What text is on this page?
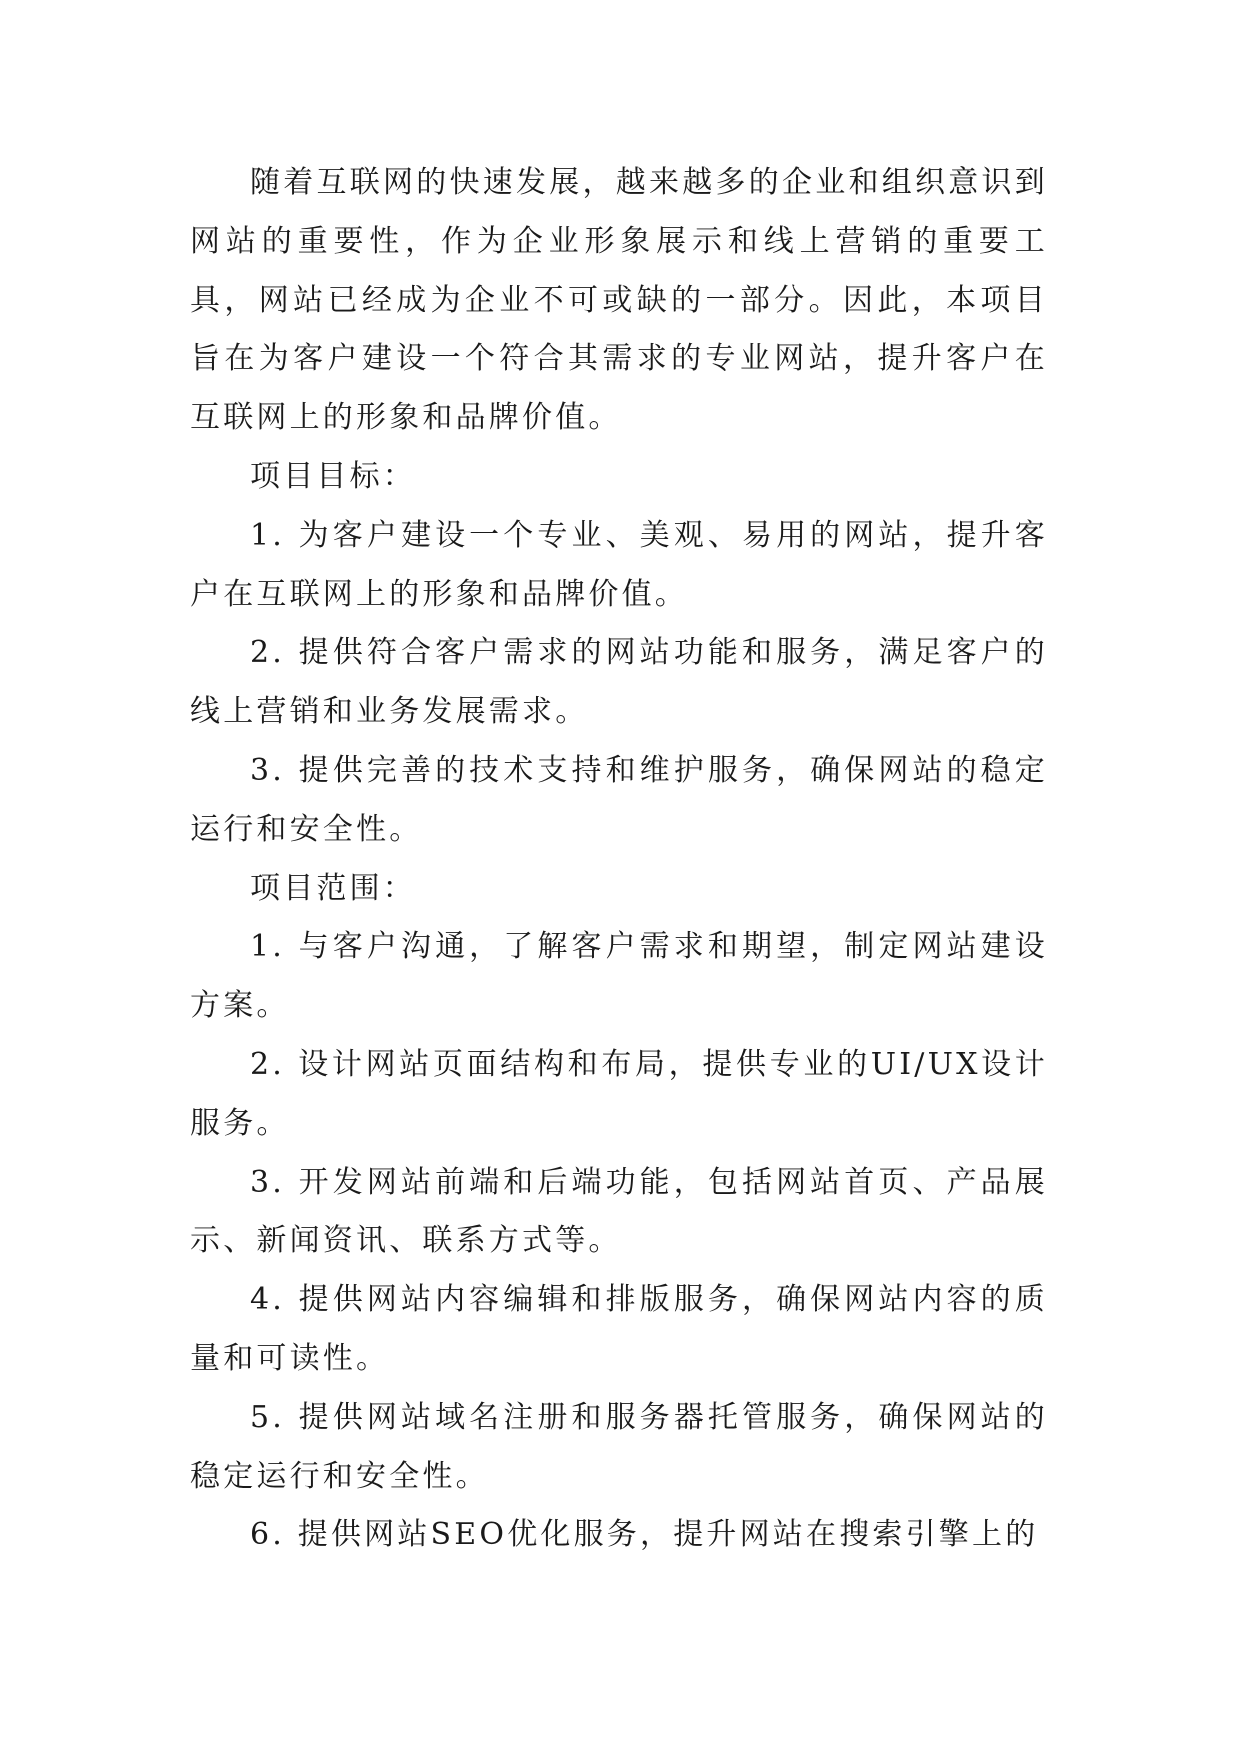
随着互联网的快速发展，越来越多的企业和组织意识到网站的重要性，作为企业形象展示和线上营销的重要工具，网站已经成为企业不可或缺的一部分。因此，本项目旨在为客户建设一个符合其需求的专业网站，提升客户在互联网上的形象和品牌价值。

项目目标：

1. 为客户建设一个专业、美观、易用的网站，提升客户在互联网上的形象和品牌价值。

2. 提供符合客户需求的网站功能和服务，满足客户的线上营销和业务发展需求。

3. 提供完善的技术支持和维护服务，确保网站的稳定运行和安全性。

项目范围：

1. 与客户沟通，了解客户需求和期望，制定网站建设方案。

2. 设计网站页面结构和布局，提供专业的UI/UX设计服务。

3. 开发网站前端和后端功能，包括网站首页、产品展示、新闻资讯、联系方式等。

4. 提供网站内容编辑和排版服务，确保网站内容的质量和可读性。

5. 提供网站域名注册和服务器托管服务，确保网站的稳定运行和安全性。

6. 提供网站SEO优化服务，提升网站在搜索引擎上的
